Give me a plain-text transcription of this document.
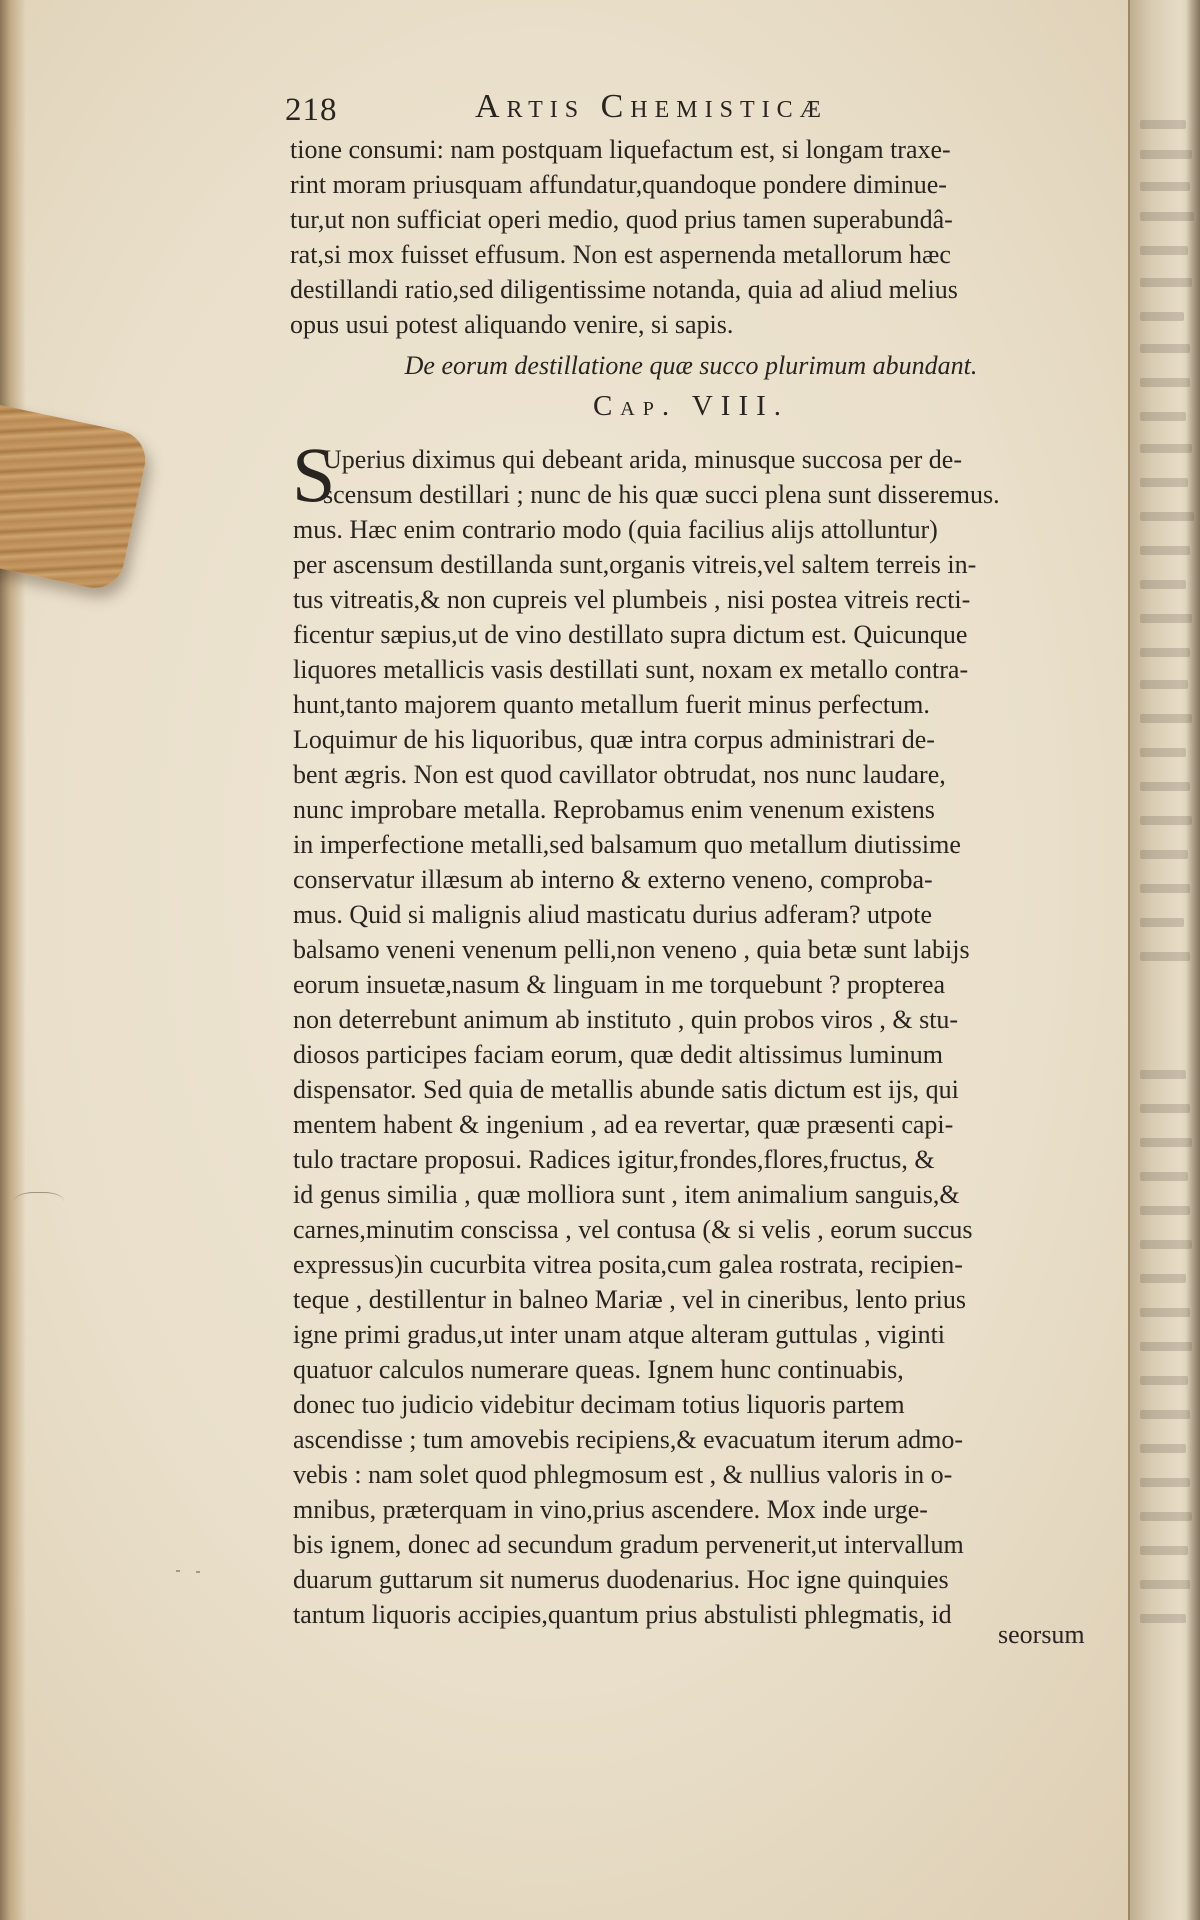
218	Artis Chemisticæ
tione consumi: nam postquam liquefactum est, si longam traxe-
rint moram priusquam affundatur,quandoque pondere diminue-
tur,ut non sufficiat operi medio, quod prius tamen superabundâ-
rat,si mox fuisset effusum. Non est aspernenda metallorum hæc
destillandi ratio,sed diligentissime notanda, quia ad aliud melius
opus usui potest aliquando venire, si sapis.
De eorum destillatione quæ succo plurimum abundant.
Cap. VIII.
S
Uperius diximus qui debeant arida, minusque succosa per de-
scensum destillari ; nunc de his quæ succi plena sunt disseremus.
mus. Hæc enim contrario modo (quia facilius alijs attolluntur)
per ascensum destillanda sunt,organis vitreis,vel saltem terreis in-
tus vitreatis,& non cupreis vel plumbeis , nisi postea vitreis recti-
ficentur sæpius,ut de vino destillato supra dictum est. Quicunque
liquores metallicis vasis destillati sunt, noxam ex metallo contra-
hunt,tanto majorem quanto metallum fuerit minus perfectum.
Loquimur de his liquoribus, quæ intra corpus administrari de-
bent ægris. Non est quod cavillator obtrudat, nos nunc laudare,
nunc improbare metalla. Reprobamus enim venenum existens
in imperfectione metalli,sed balsamum quo metallum diutissime
conservatur illæsum ab interno & externo veneno, comproba-
mus. Quid si malignis aliud masticatu durius adferam? utpote
balsamo veneni venenum pelli,non veneno , quia betæ sunt labijs
eorum insuetæ,nasum & linguam in me torquebunt ? propterea
non deterrebunt animum ab instituto , quin probos viros , & stu-
diosos participes faciam eorum, quæ dedit altissimus luminum
dispensator. Sed quia de metallis abunde satis dictum est ijs, qui
mentem habent & ingenium , ad ea revertar, quæ præsenti capi-
tulo tractare proposui. Radices igitur,frondes,flores,fructus, &
id genus similia , quæ molliora sunt , item animalium sanguis,&
carnes,minutim conscissa , vel contusa (& si velis , eorum succus
expressus)in cucurbita vitrea posita,cum galea rostrata, recipien-
teque , destillentur in balneo Mariæ , vel in cineribus, lento prius
igne primi gradus,ut inter unam atque alteram guttulas , viginti
quatuor calculos numerare queas. Ignem hunc continuabis,
donec tuo judicio videbitur decimam totius liquoris partem
ascendisse ; tum amovebis recipiens,& evacuatum iterum admo-
vebis : nam solet quod phlegmosum est , & nullius valoris in o-
mnibus, præterquam in vino,prius ascendere. Mox inde urge-
bis ignem, donec ad secundum gradum pervenerit,ut intervallum
duarum guttarum sit numerus duodenarius. Hoc igne quinquies
tantum liquoris accipies,quantum prius abstulisti phlegmatis, id
seorsum
